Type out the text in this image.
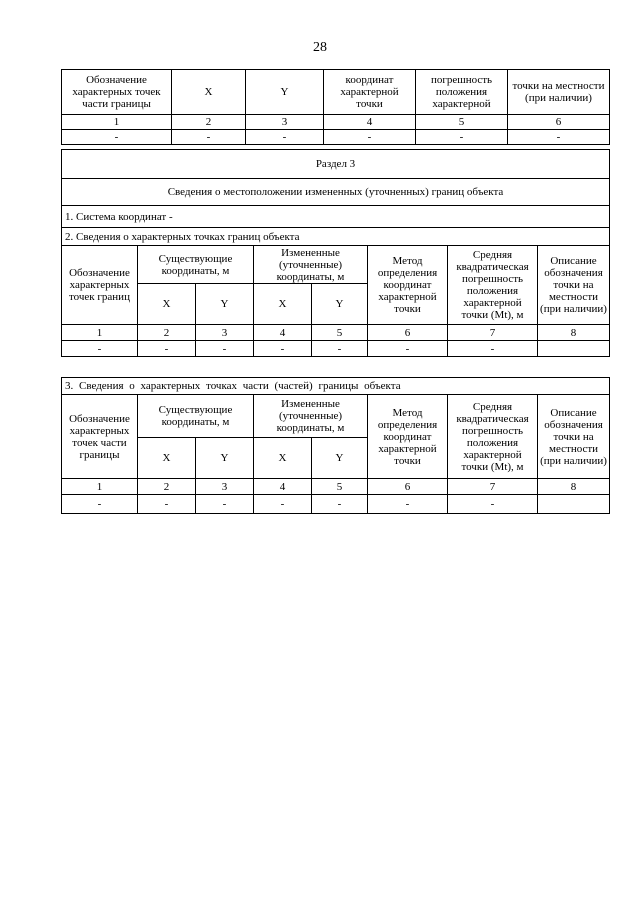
28
Обозначение характерных точек части границы	X	Y	координат характерной точки	погрешность положения характерной	точки на местности (при наличии)

1	2	3	4	5	6
-	-	-	-	-	-
Раздел 3							
Сведения о местоположении измененных (уточненных) границ объекта							
1. Система координат -							
2. Сведения о характерных точках границ объекта							
Обозначение характерных точек границ	Существующие координаты, м		Измененные (уточненные) координаты, м		Метод определения координат характерной точки	Средняя квадратическая погрешность положения характерной точки (Mt), м	Описание обозначения точки на местности (при наличии)
	X	Y	X	Y			
1	2	3	4	5	6	7	8
-	-	-	-	-	-	-	
3. Сведения о характерных точках части (частей) границы объекта							
Обозначение характерных точек части границы	Существующие координаты, м		Измененные (уточненные) координаты, м		Метод определения координат характерной точки	Средняя квадратическая погрешность положения характерной точки (Mt), м	Описание обозначения точки на местности (при наличии)
	X	Y	X	Y			
1	2	3	4	5	6	7	8
-	-	-	-	-	-	-	
